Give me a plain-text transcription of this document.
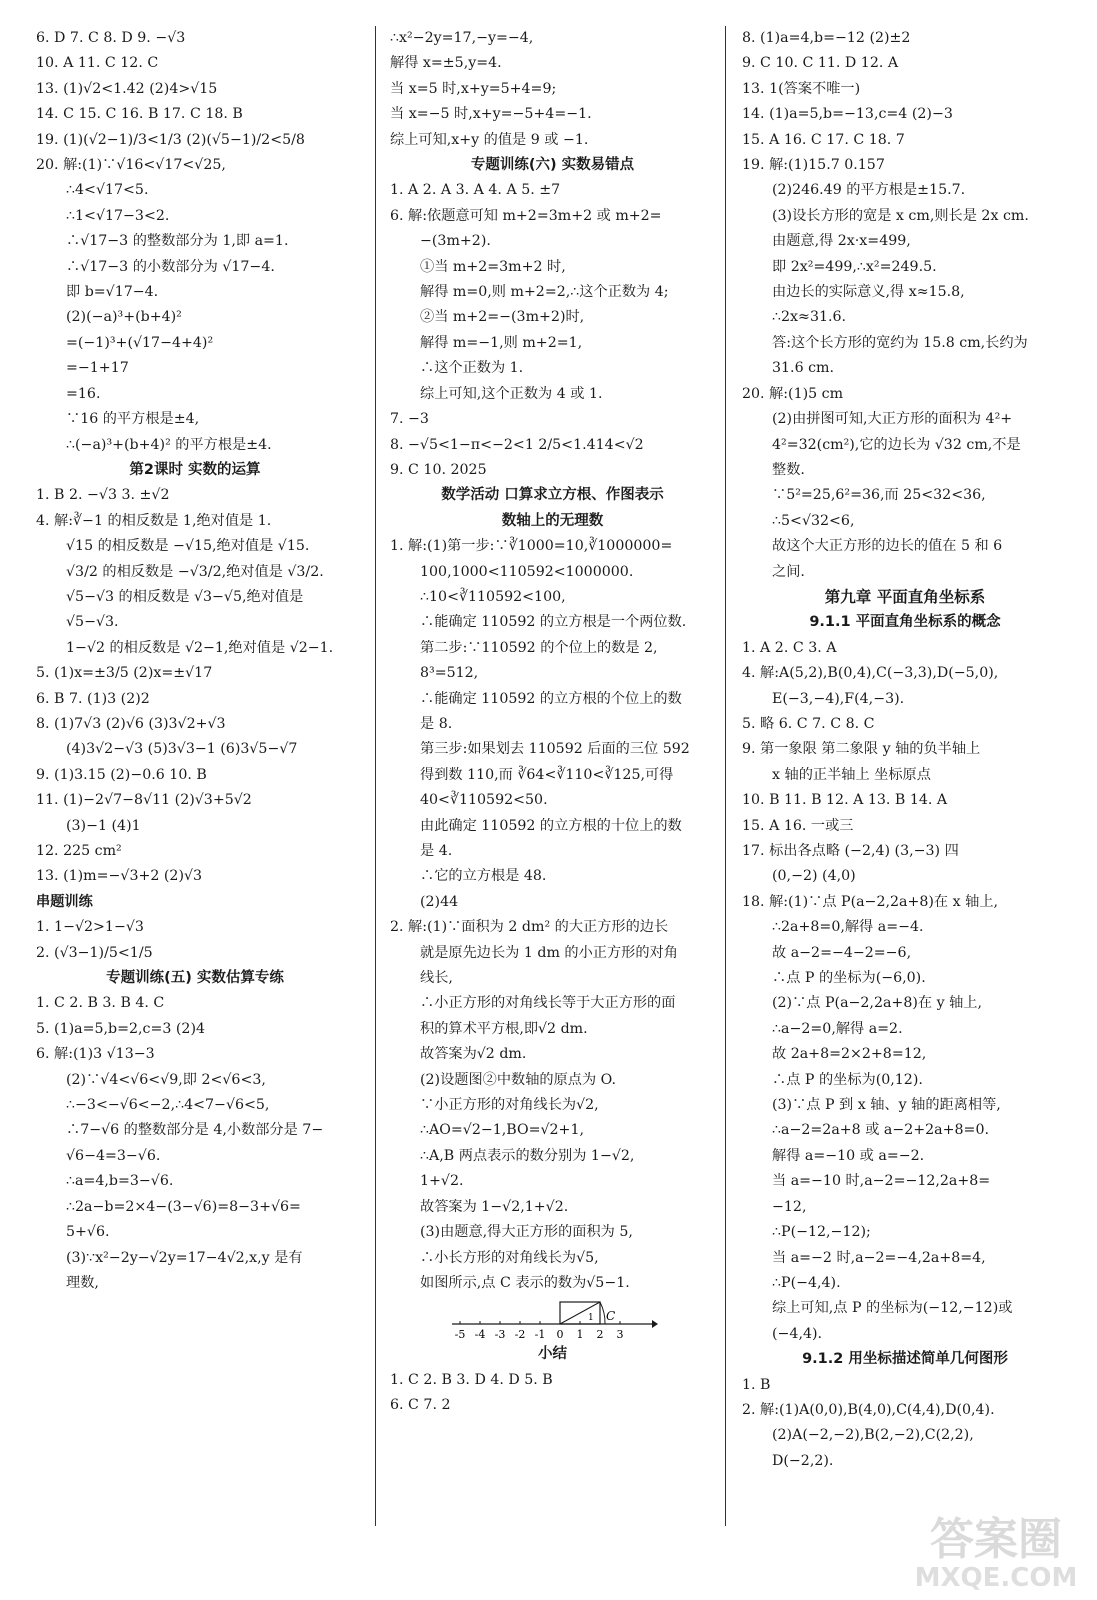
6. D 7. C 8. D 9. −√3
10. A 11. C 12. C
13. (1)√2<1.42 (2)4>√15
14. C 15. C 16. B 17. C 18. B
19. (1)(√2−1)/3<1/3 (2)(√5−1)/2<5/8
20. 解:(1)∵√16<√17<√25,
∴4<√17<5.
∴1<√17−3<2.
∴√17−3 的整数部分为 1,即 a=1.
∴√17−3 的小数部分为 √17−4.
即 b=√17−4.
(2)(−a)³+(b+4)²
=(−1)³+(√17−4+4)²
=−1+17
=16.
∵16 的平方根是±4,
∴(−a)³+(b+4)² 的平方根是±4.
第2课时 实数的运算
1. B 2. −√3 3. ±√2
4. 解:∛−1 的相反数是 1,绝对值是 1.
√15 的相反数是 −√15,绝对值是 √15.
√3/2 的相反数是 −√3/2,绝对值是 √3/2.
√5−√3 的相反数是 √3−√5,绝对值是
√5−√3.
1−√2 的相反数是 √2−1,绝对值是 √2−1.
5. (1)x=±3/5 (2)x=±√17
6. B 7. (1)3 (2)2
8. (1)7√3 (2)√6 (3)3√2+√3
(4)3√2−√3 (5)3√3−1 (6)3√5−√7
9. (1)3.15 (2)−0.6 10. B
11. (1)−2√7−8√11 (2)√3+5√2
(3)−1 (4)1
12. 225 cm²
13. (1)m=−√3+2 (2)√3
串题训练
1. 1−√2>1−√3
2. (√3−1)/5<1/5
专题训练(五) 实数估算专练
1. C 2. B 3. B 4. C
5. (1)a=5,b=2,c=3 (2)4
6. 解:(1)3 √13−3
(2)∵√4<√6<√9,即 2<√6<3,
∴−3<−√6<−2,∴4<7−√6<5,
∴7−√6 的整数部分是 4,小数部分是 7−
√6−4=3−√6.
∴a=4,b=3−√6.
∴2a−b=2×4−(3−√6)=8−3+√6=
5+√6.
(3)∵x²−2y−√2y=17−4√2,x,y 是有
理数,
∴x²−2y=17,−y=−4,
解得 x=±5,y=4.
当 x=5 时,x+y=5+4=9;
当 x=−5 时,x+y=−5+4=−1.
综上可知,x+y 的值是 9 或 −1.
专题训练(六) 实数易错点
1. A 2. A 3. A 4. A 5. ±7
6. 解:依题意可知 m+2=3m+2 或 m+2=
−(3m+2).
①当 m+2=3m+2 时,
解得 m=0,则 m+2=2,∴这个正数为 4;
②当 m+2=−(3m+2)时,
解得 m=−1,则 m+2=1,
∴这个正数为 1.
综上可知,这个正数为 4 或 1.
7. −3
8. −√5<1−π<−2<1 2/5<1.414<√2
9. C 10. 2025
数学活动 口算求立方根、作图表示
数轴上的无理数
1. 解:(1)第一步:∵∛1000=10,∛1000000=
100,1000<110592<1000000.
∴10<∛110592<100,
∴能确定 110592 的立方根是一个两位数.
第二步:∵110592 的个位上的数是 2,
8³=512,
∴能确定 110592 的立方根的个位上的数
是 8.
第三步:如果划去 110592 后面的三位 592
得到数 110,而 ∛64<∛110<∛125,可得
40<∛110592<50.
由此确定 110592 的立方根的十位上的数
是 4.
∴它的立方根是 48.
(2)44
2. 解:(1)∵面积为 2 dm² 的大正方形的边长
就是原先边长为 1 dm 的小正方形的对角
线长,
∴小正方形的对角线长等于大正方形的面
积的算术平方根,即√2 dm.
故答案为√2 dm.
(2)设题图②中数轴的原点为 O.
∵小正方形的对角线长为√2,
∴AO=√2−1,BO=√2+1,
∴A,B 两点表示的数分别为 1−√2,
1+√2.
故答案为 1−√2,1+√2.
(3)由题意,得大正方形的面积为 5,
∴小长方形的对角线长为√5,
如图所示,点 C 表示的数为√5−1.
-5 -4 -3 -2 -1 0 1 2 3
1 C
小结
1. C 2. B 3. D 4. D 5. B
6. C 7. 2
8. (1)a=4,b=−12 (2)±2
9. C 10. C 11. D 12. A
13. 1(答案不唯一)
14. (1)a=5,b=−13,c=4 (2)−3
15. A 16. C 17. C 18. 7
19. 解:(1)15.7 0.157
(2)246.49 的平方根是±15.7.
(3)设长方形的宽是 x cm,则长是 2x cm.
由题意,得 2x·x=499,
即 2x²=499,∴x²=249.5.
由边长的实际意义,得 x≈15.8,
∴2x≈31.6.
答:这个长方形的宽约为 15.8 cm,长约为
31.6 cm.
20. 解:(1)5 cm
(2)由拼图可知,大正方形的面积为 4²+
4²=32(cm²),它的边长为 √32 cm,不是
整数.
∵5²=25,6²=36,而 25<32<36,
∴5<√32<6,
故这个大正方形的边长的值在 5 和 6
之间.
第九章 平面直角坐标系
9.1.1 平面直角坐标系的概念
1. A 2. C 3. A
4. 解:A(5,2),B(0,4),C(−3,3),D(−5,0),
E(−3,−4),F(4,−3).
5. 略 6. C 7. C 8. C
9. 第一象限 第二象限 y 轴的负半轴上
x 轴的正半轴上 坐标原点
10. B 11. B 12. A 13. B 14. A
15. A 16. 一或三
17. 标出各点略 (−2,4) (3,−3) 四
(0,−2) (4,0)
18. 解:(1)∵点 P(a−2,2a+8)在 x 轴上,
∴2a+8=0,解得 a=−4.
故 a−2=−4−2=−6,
∴点 P 的坐标为(−6,0).
(2)∵点 P(a−2,2a+8)在 y 轴上,
∴a−2=0,解得 a=2.
故 2a+8=2×2+8=12,
∴点 P 的坐标为(0,12).
(3)∵点 P 到 x 轴、y 轴的距离相等,
∴a−2=2a+8 或 a−2+2a+8=0.
解得 a=−10 或 a=−2.
当 a=−10 时,a−2=−12,2a+8=
−12,
∴P(−12,−12);
当 a=−2 时,a−2=−4,2a+8=4,
∴P(−4,4).
综上可知,点 P 的坐标为(−12,−12)或
(−4,4).
9.1.2 用坐标描述简单几何图形
1. B
2. 解:(1)A(0,0),B(4,0),C(4,4),D(0,4).
(2)A(−2,−2),B(2,−2),C(2,2),
D(−2,2).
答案圈
MXQE.COM
